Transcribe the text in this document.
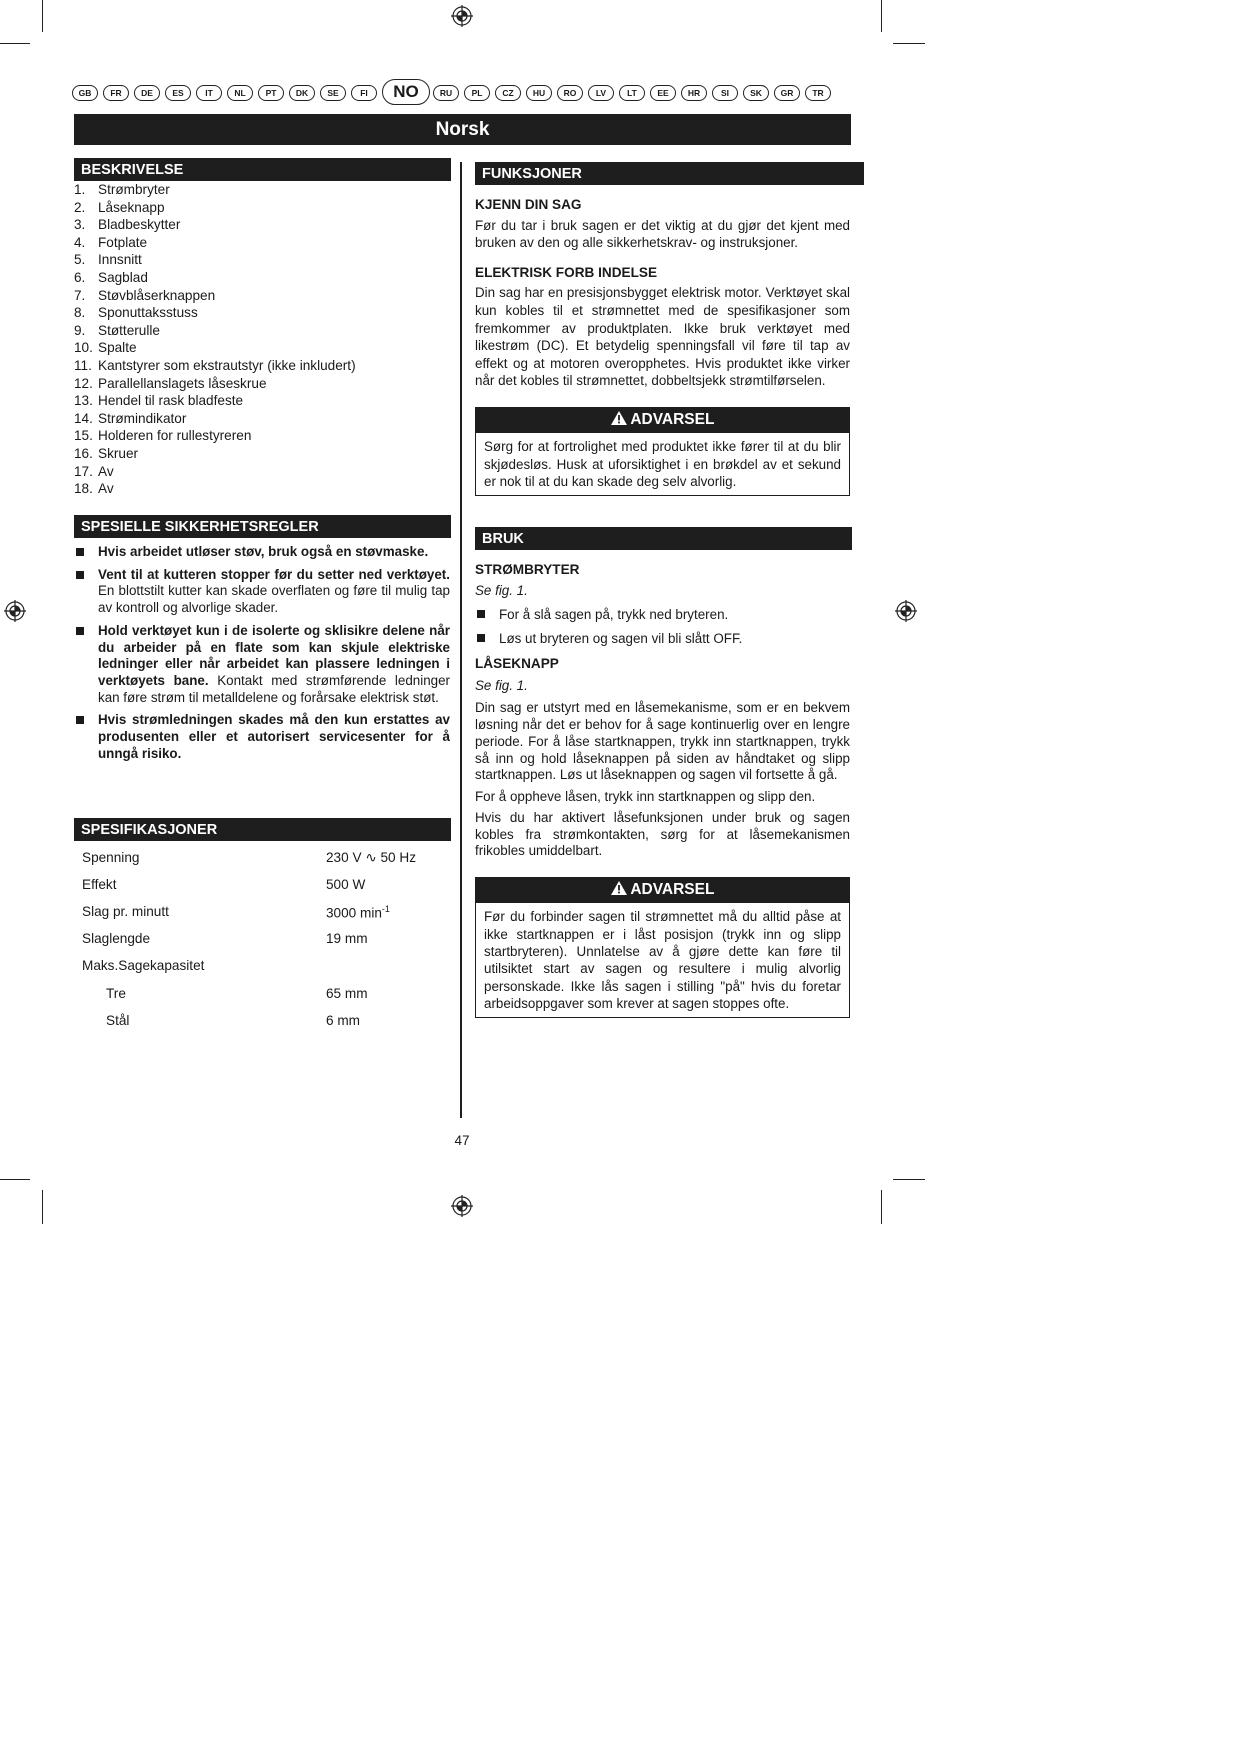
GB	FR	DE	ES	IT	NL	PT	DK	SE	FI	NO	RU	PL	CZ	HU	RO	LV	LT	EE	HR	SI	SK	GR	TR
Norsk
BESKRIVELSE
1. Strømbryter
2. Låseknapp
3. Bladbeskytter
4. Fotplate
5. Innsnitt
6. Sagblad
7. Støvblåserknappen
8. Sponuttaksstuss
9. Støtterulle
10. Spalte
11. Kantstyrer som ekstrautstyr (ikke inkludert)
12. Parallellanslagets låseskrue
13. Hendel til rask bladfeste
14. Strømindikator
15. Holderen for rullestyreren
16. Skruer
17. Av
18. Av
SPESIELLE SIKKERHETSREGLER
Hvis arbeidet utløser støv, bruk også en støvmaske.
Vent til at kutteren stopper før du setter ned verktøyet. En blottstilt kutter kan skade overflaten og føre til mulig tap av kontroll og alvorlige skader.
Hold verktøyet kun i de isolerte og sklisikre delene når du arbeider på en flate som kan skjule elektriske ledninger eller når arbeidet kan plassere ledningen i verktøyets bane. Kontakt med strømførende ledninger kan føre strøm til metalldelene og forårsake elektrisk støt.
Hvis strømledningen skades må den kun erstattes av produsenten eller et autorisert servicesenter for å unngå risiko.
SPESIFIKASJONER
Spenning	230 V ∿ 50 Hz
Effekt	500 W
Slag pr. minutt	3000 $\min^{-1}$
Slaglengde	19 mm
Maks.Sagekapasitet
Tre	65 mm
Stål	6 mm
FUNKSJONER
KJENN DIN SAG
Før du tar i bruk sagen er det viktig at du gjør det kjent med bruken av den og alle sikkerhetskrav- og instruksjoner.
ELEKTRISK FORB INDELSE
Din sag har en presisjonsbygget elektrisk motor. Verktøyet skal kun kobles til et strømnettet med de spesifikasjoner som fremkommer av produktplaten. Ikke bruk verktøyet med likestrøm (DC). Et betydelig spenningsfall vil føre til tap av effekt og at motoren overopphetes. Hvis produktet ikke virker når det kobles til strømnettet, dobbeltsjekk strømtilførselen.
ADVARSEL
Sørg for at fortrolighet med produktet ikke fører til at du blir skjødesløs. Husk at uforsiktighet i en brøkdel av et sekund er nok til at du kan skade deg selv alvorlig.
BRUK
STRØMBRYTER
Se fig. 1.
For å slå sagen på, trykk ned bryteren.
Løs ut bryteren og sagen vil bli slått OFF.
LÅSEKNAPP
Se fig. 1.
Din sag er utstyrt med en låsemekanisme, som er en bekvem løsning når det er behov for å sage kontinuerlig over en lengre periode. For å låse startknappen, trykk inn startknappen, trykk så inn og hold låseknappen på siden av håndtaket og slipp startknappen. Løs ut låseknappen og sagen vil fortsette å gå.
For å oppheve låsen, trykk inn startknappen og slipp den.
Hvis du har aktivert låsefunksjonen under bruk og sagen kobles fra strømkontakten, sørg for at låsemekanismen frikobles umiddelbart.
ADVARSEL
Før du forbinder sagen til strømnettet må du alltid påse at ikke startknappen er i låst posisjon (trykk inn og slipp startbryteren). Unnlatelse av å gjøre dette kan føre til utilsiktet start av sagen og resultere i mulig alvorlig personskade. Ikke lås sagen i stilling "på" hvis du foretar arbeidsoppgaver som krever at sagen stoppes ofte.
47
